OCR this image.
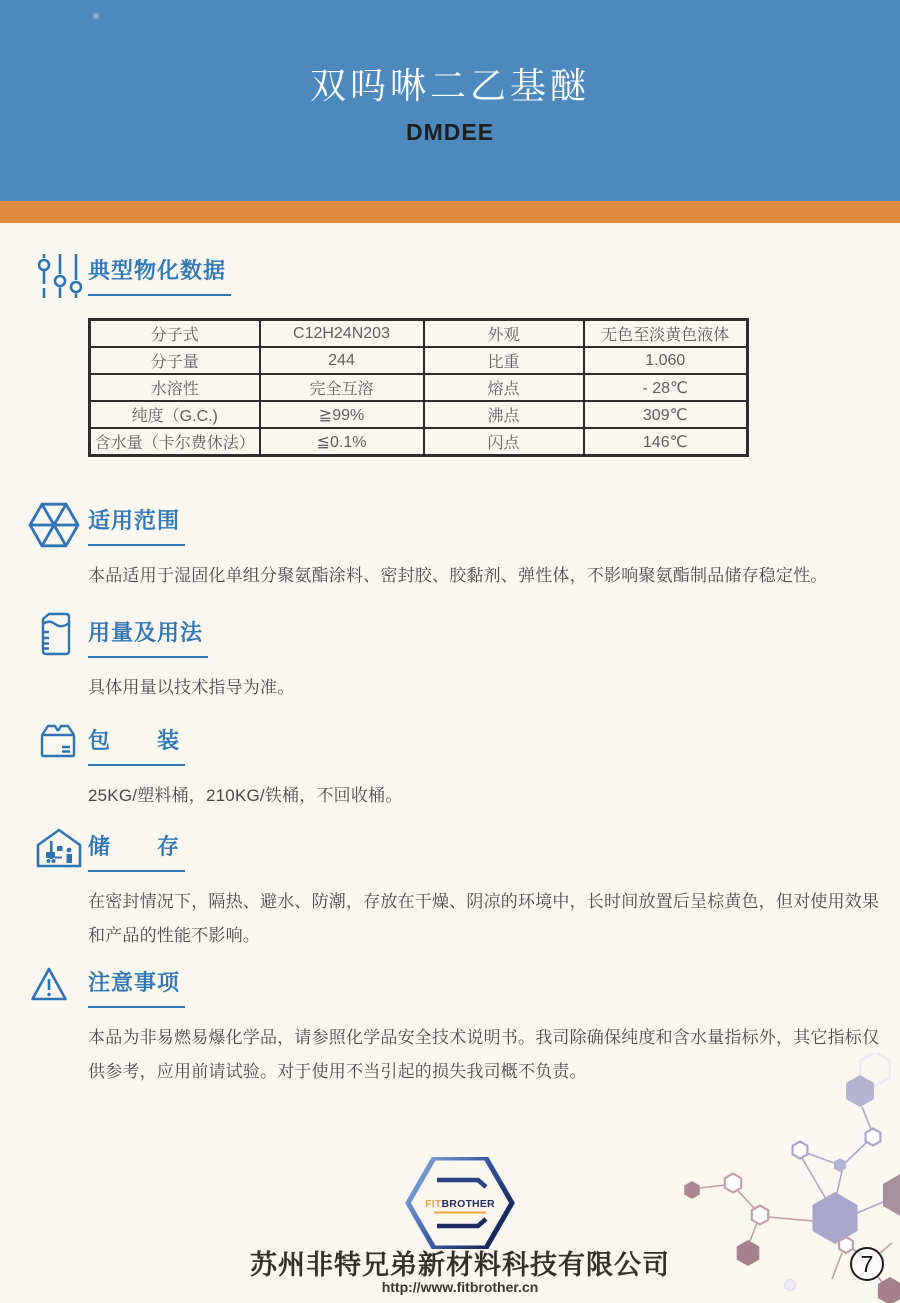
双吗啉二乙基醚
DMDEE
典型物化数据
分子式	C12H24N203	外观	无色至淡黄色液体
分子量	244	比重	1.060
水溶性	完全互溶	熔点	- 28℃
纯度（G.C.)	≧99%	沸点	309℃
含水量（卡尔费休法）	≦0.1%	闪点	146℃
适用范围

本品适用于湿固化单组分聚氨酯涂料、密封胶、胶黏剂、弹性体，不影响聚氨酯制品储存稳定性。

用量及用法

具体用量以技术指导为准。

包　　装

25KG/塑料桶，210KG/铁桶，不回收桶。

储　　存

在密封情况下，隔热、避水、防潮，存放在干燥、阴凉的环境中，长时间放置后呈棕黄色，但对使用效果和产品的性能不影响。

注意事项

本品为非易燃易爆化学品，请参照化学品安全技术说明书。我司除确保纯度和含水量指标外，其它指标仅供参考，应用前请试验。对于使用不当引起的损失我司概不负责。

FITBROTHER
苏州非特兄弟新材料科技有限公司
http://www.fitbrother.cn
7
